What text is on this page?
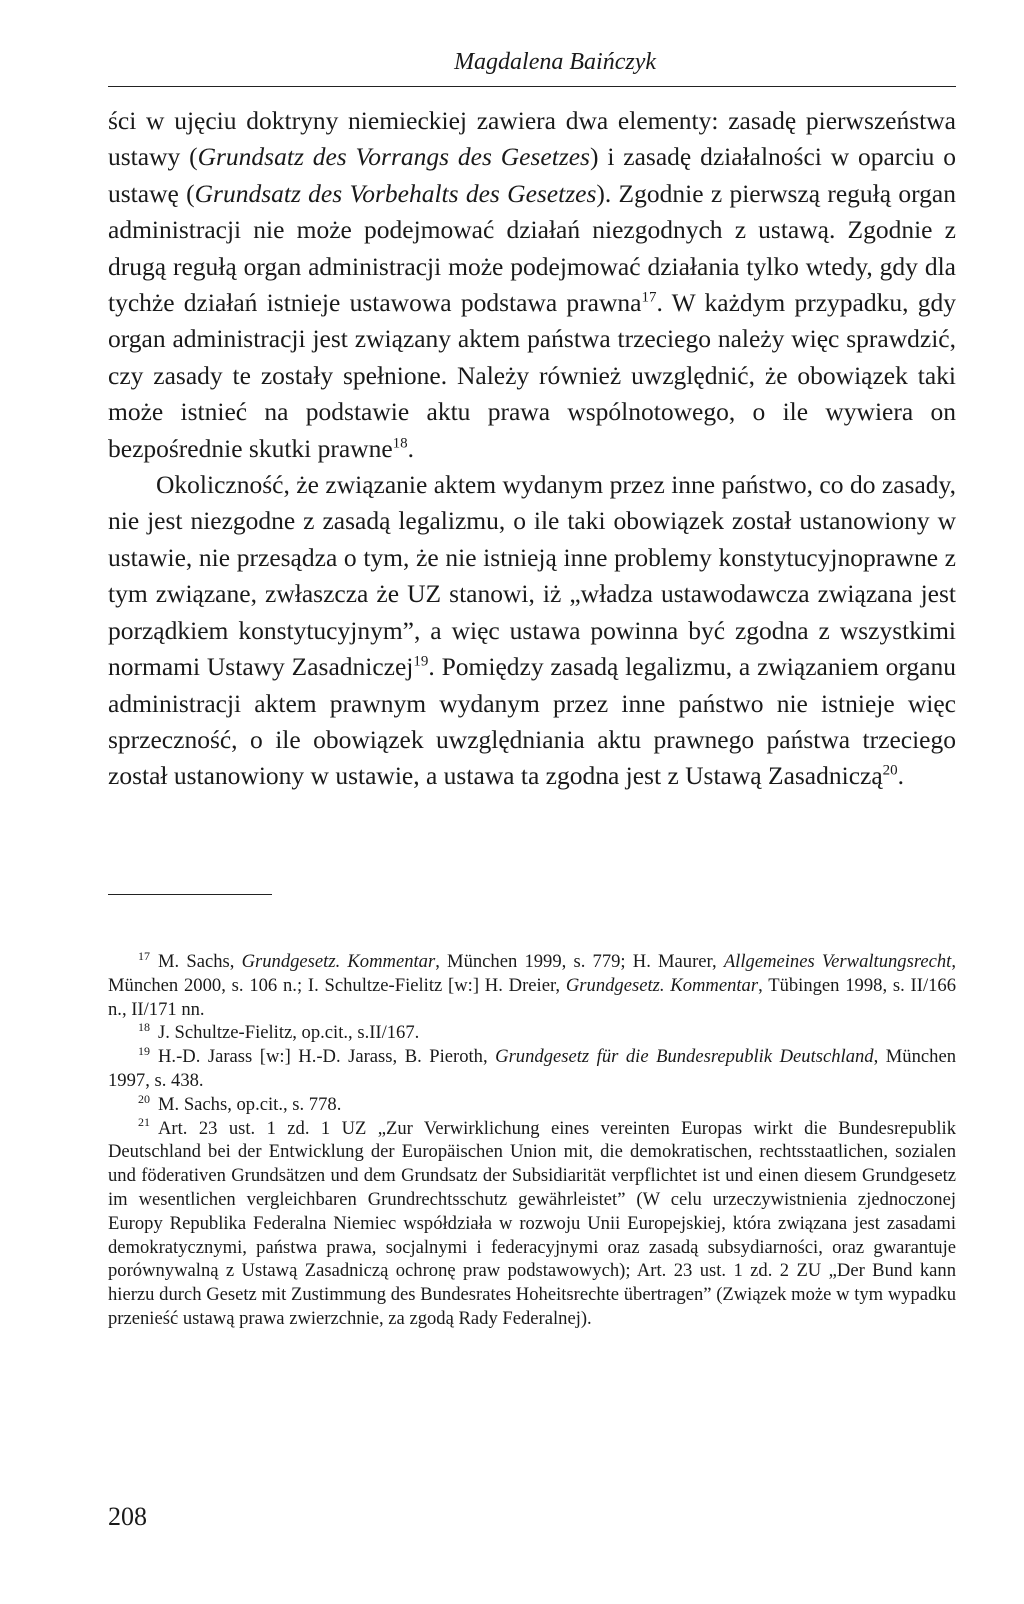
Magdalena Baińczyk

ści w ujęciu doktryny niemieckiej zawiera dwa elementy: zasadę pierwszeństwa ustawy (Grundsatz des Vorrangs des Gesetzes) i zasadę działalności w oparciu o ustawę (Grundsatz des Vorbehalts des Gesetzes). Zgodnie z pierwszą regułą organ administracji nie może podejmować działań niezgodnych z ustawą. Zgodnie z drugą regułą organ administracji może podejmować działania tylko wtedy, gdy dla tychże działań istnieje ustawowa podstawa prawna$^{17}$. W każdym przypadku, gdy organ administracji jest związany aktem państwa trzeciego należy więc sprawdzić, czy zasady te zostały spełnione. Należy również uwzględnić, że obowiązek taki może istnieć na podstawie aktu prawa wspólnotowego, o ile wywiera on bezpośrednie skutki prawne$^{18}$.

Okoliczność, że związanie aktem wydanym przez inne państwo, co do zasady, nie jest niezgodne z zasadą legalizmu, o ile taki obowiązek został ustanowiony w ustawie, nie przesądza o tym, że nie istnieją inne problemy konstytucyjnoprawne z tym związane, zwłaszcza że UZ stanowi, iż „władza ustawodawcza związana jest porządkiem konstytucyjnym”, a więc ustawa powinna być zgodna z wszystkimi normami Ustawy Zasadniczej$^{19}$. Pomiędzy zasadą legalizmu, a związaniem organu administracji aktem prawnym wydanym przez inne państwo nie istnieje więc sprzeczność, o ile obowiązek uwzględniania aktu prawnego państwa trzeciego został ustanowiony w ustawie, a ustawa ta zgodna jest z Ustawą Zasadniczą$^{20}$.

$^{17}$ M. Sachs, Grundgesetz. Kommentar, München 1999, s. 779; H. Maurer, Allgemeines Verwaltungsrecht, München 2000, s. 106 n.; I. Schultze-Fielitz [w:] H. Dreier, Grundgesetz. Kommentar, Tübingen 1998, s. II/166 n., II/171 nn.

$^{18}$ J. Schultze-Fielitz, op.cit., s.II/167.

$^{19}$ H.-D. Jarass [w:] H.-D. Jarass, B. Pieroth, Grundgesetz für die Bundesrepublik Deutschland, München 1997, s. 438.

$^{20}$ M. Sachs, op.cit., s. 778.

$^{21}$ Art. 23 ust. 1 zd. 1 UZ „Zur Verwirklichung eines vereinten Europas wirkt die Bundesrepublik Deutschland bei der Entwicklung der Europäischen Union mit, die demokratischen, rechtsstaatlichen, sozialen und föderativen Grundsätzen und dem Grundsatz der Subsidiarität verpflichtet ist und einen diesem Grundgesetz im wesentlichen vergleichbaren Grundrechtsschutz gewährleistet” (W celu urzeczywistnienia zjednoczonej Europy Republika Federalna Niemiec współdziała w rozwoju Unii Europejskiej, która związana jest zasadami demokratycznymi, państwa prawa, socjalnymi i federacyjnymi oraz zasadą subsydiarności, oraz gwarantuje porównywalną z Ustawą Zasadniczą ochronę praw podstawowych); Art. 23 ust. 1 zd. 2 ZU „Der Bund kann hierzu durch Gesetz mit Zustimmung des Bundesrates Hoheitsrechte übertragen” (Związek może w tym wypadku przenieść ustawą prawa zwierzchnie, za zgodą Rady Federalnej).

208
